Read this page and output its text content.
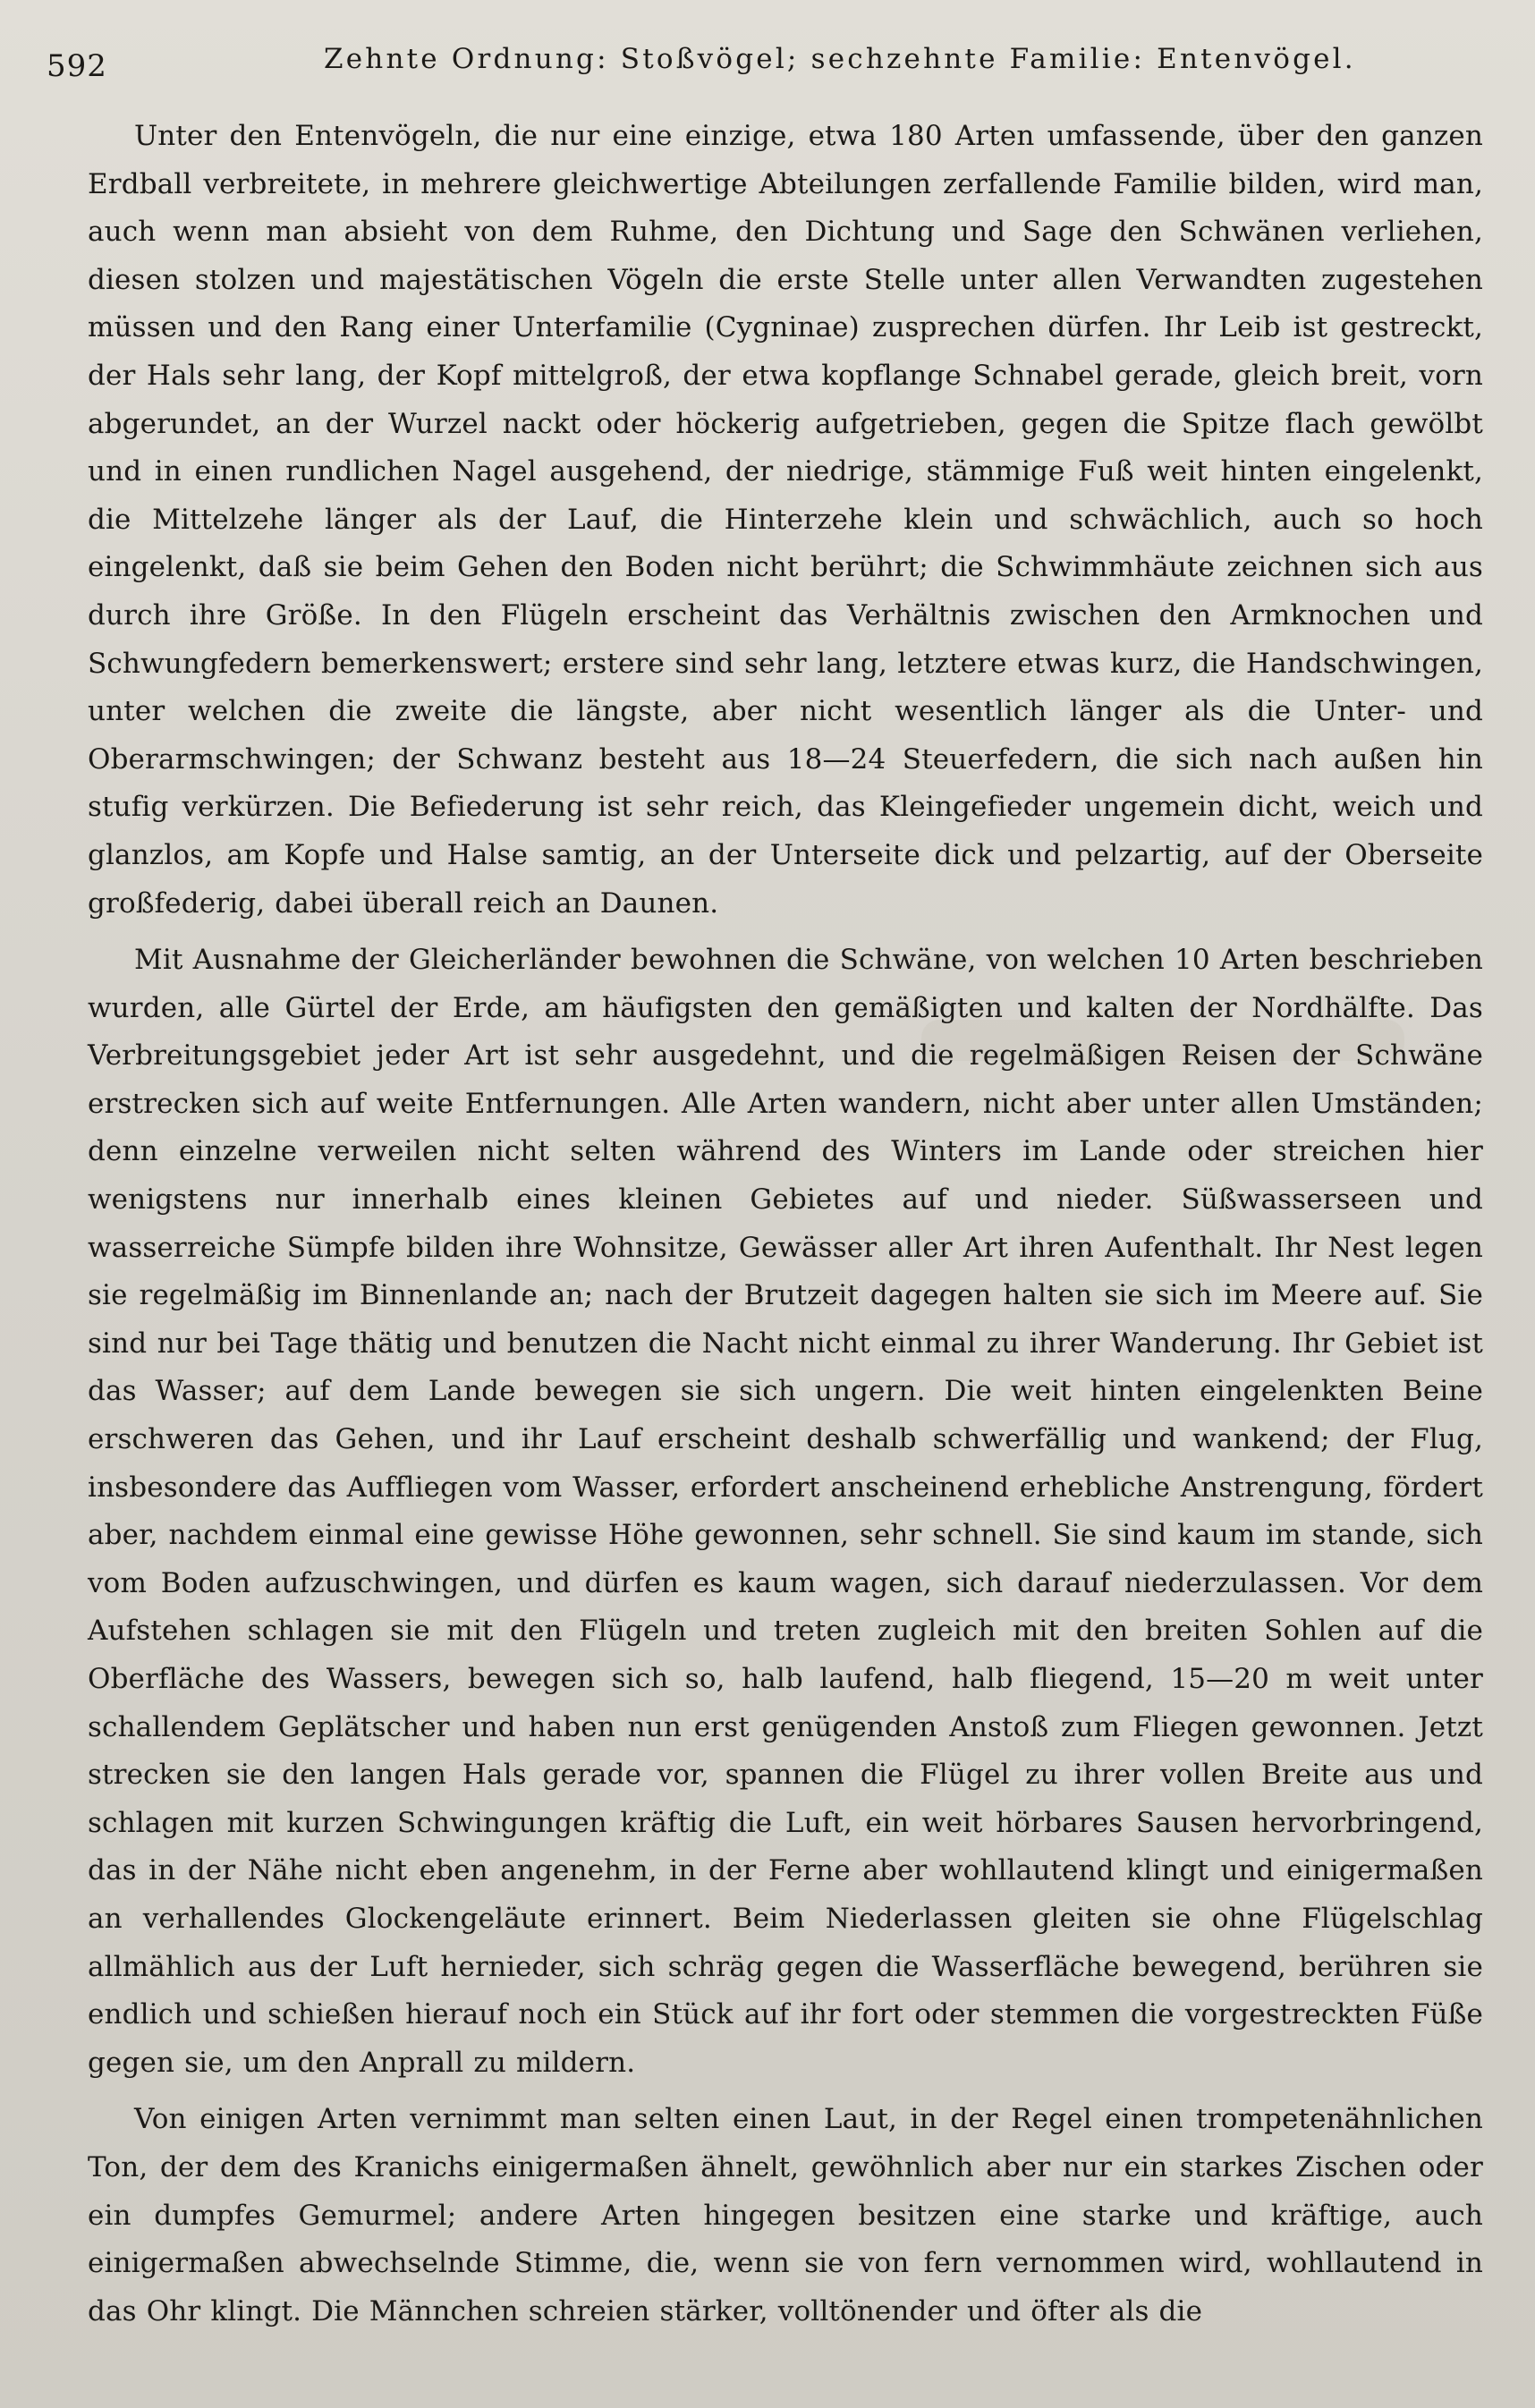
592	Zehnte Ordnung: Stoßvögel; sechzehnte Familie: Entenvögel.

Unter den Entenvögeln, die nur eine einzige, etwa 180 Arten umfassende, über den ganzen Erdball verbreitete, in mehrere gleichwertige Abteilungen zerfallende Familie bilden, wird man, auch wenn man absieht von dem Ruhme, den Dichtung und Sage den Schwänen verliehen, diesen stolzen und majestätischen Vögeln die erste Stelle unter allen Verwandten zugestehen müssen und den Rang einer Unterfamilie (Cygninae) zusprechen dürfen. Ihr Leib ist gestreckt, der Hals sehr lang, der Kopf mittelgroß, der etwa kopflange Schnabel gerade, gleich breit, vorn abgerundet, an der Wurzel nackt oder höckerig aufgetrieben, gegen die Spitze flach gewölbt und in einen rundlichen Nagel ausgehend, der niedrige, stämmige Fuß weit hinten eingelenkt, die Mittelzehe länger als der Lauf, die Hinterzehe klein und schwächlich, auch so hoch eingelenkt, daß sie beim Gehen den Boden nicht berührt; die Schwimmhäute zeichnen sich aus durch ihre Größe. In den Flügeln erscheint das Verhältnis zwischen den Armknochen und Schwungfedern bemerkenswert; erstere sind sehr lang, letztere etwas kurz, die Handschwingen, unter welchen die zweite die längste, aber nicht wesentlich länger als die Unter- und Oberarmschwingen; der Schwanz besteht aus 18—24 Steuerfedern, die sich nach außen hin stufig verkürzen. Die Befiederung ist sehr reich, das Kleingefieder ungemein dicht, weich und glanzlos, am Kopfe und Halse samtig, an der Unterseite dick und pelzartig, auf der Oberseite großfederig, dabei überall reich an Daunen.

Mit Ausnahme der Gleicherländer bewohnen die Schwäne, von welchen 10 Arten beschrieben wurden, alle Gürtel der Erde, am häufigsten den gemäßigten und kalten der Nordhälfte. Das Verbreitungsgebiet jeder Art ist sehr ausgedehnt, und die regelmäßigen Reisen der Schwäne erstrecken sich auf weite Entfernungen. Alle Arten wandern, nicht aber unter allen Umständen; denn einzelne verweilen nicht selten während des Winters im Lande oder streichen hier wenigstens nur innerhalb eines kleinen Gebietes auf und nieder. Süßwasserseen und wasserreiche Sümpfe bilden ihre Wohnsitze, Gewässer aller Art ihren Aufenthalt. Ihr Nest legen sie regelmäßig im Binnenlande an; nach der Brutzeit dagegen halten sie sich im Meere auf. Sie sind nur bei Tage thätig und benutzen die Nacht nicht einmal zu ihrer Wanderung. Ihr Gebiet ist das Wasser; auf dem Lande bewegen sie sich ungern. Die weit hinten eingelenkten Beine erschweren das Gehen, und ihr Lauf erscheint deshalb schwerfällig und wankend; der Flug, insbesondere das Auffliegen vom Wasser, erfordert anscheinend erhebliche Anstrengung, fördert aber, nachdem einmal eine gewisse Höhe gewonnen, sehr schnell. Sie sind kaum im stande, sich vom Boden aufzuschwingen, und dürfen es kaum wagen, sich darauf niederzulassen. Vor dem Aufstehen schlagen sie mit den Flügeln und treten zugleich mit den breiten Sohlen auf die Oberfläche des Wassers, bewegen sich so, halb laufend, halb fliegend, 15—20 m weit unter schallendem Geplätscher und haben nun erst genügenden Anstoß zum Fliegen gewonnen. Jetzt strecken sie den langen Hals gerade vor, spannen die Flügel zu ihrer vollen Breite aus und schlagen mit kurzen Schwingungen kräftig die Luft, ein weit hörbares Sausen hervorbringend, das in der Nähe nicht eben angenehm, in der Ferne aber wohllautend klingt und einigermaßen an verhallendes Glockengeläute erinnert. Beim Niederlassen gleiten sie ohne Flügelschlag allmählich aus der Luft hernieder, sich schräg gegen die Wasserfläche bewegend, berühren sie endlich und schießen hierauf noch ein Stück auf ihr fort oder stemmen die vorgestreckten Füße gegen sie, um den Anprall zu mildern.

Von einigen Arten vernimmt man selten einen Laut, in der Regel einen trompetenähnlichen Ton, der dem des Kranichs einigermaßen ähnelt, gewöhnlich aber nur ein starkes Zischen oder ein dumpfes Gemurmel; andere Arten hingegen besitzen eine starke und kräftige, auch einigermaßen abwechselnde Stimme, die, wenn sie von fern vernommen wird, wohllautend in das Ohr klingt. Die Männchen schreien stärker, volltönender und öfter als die
